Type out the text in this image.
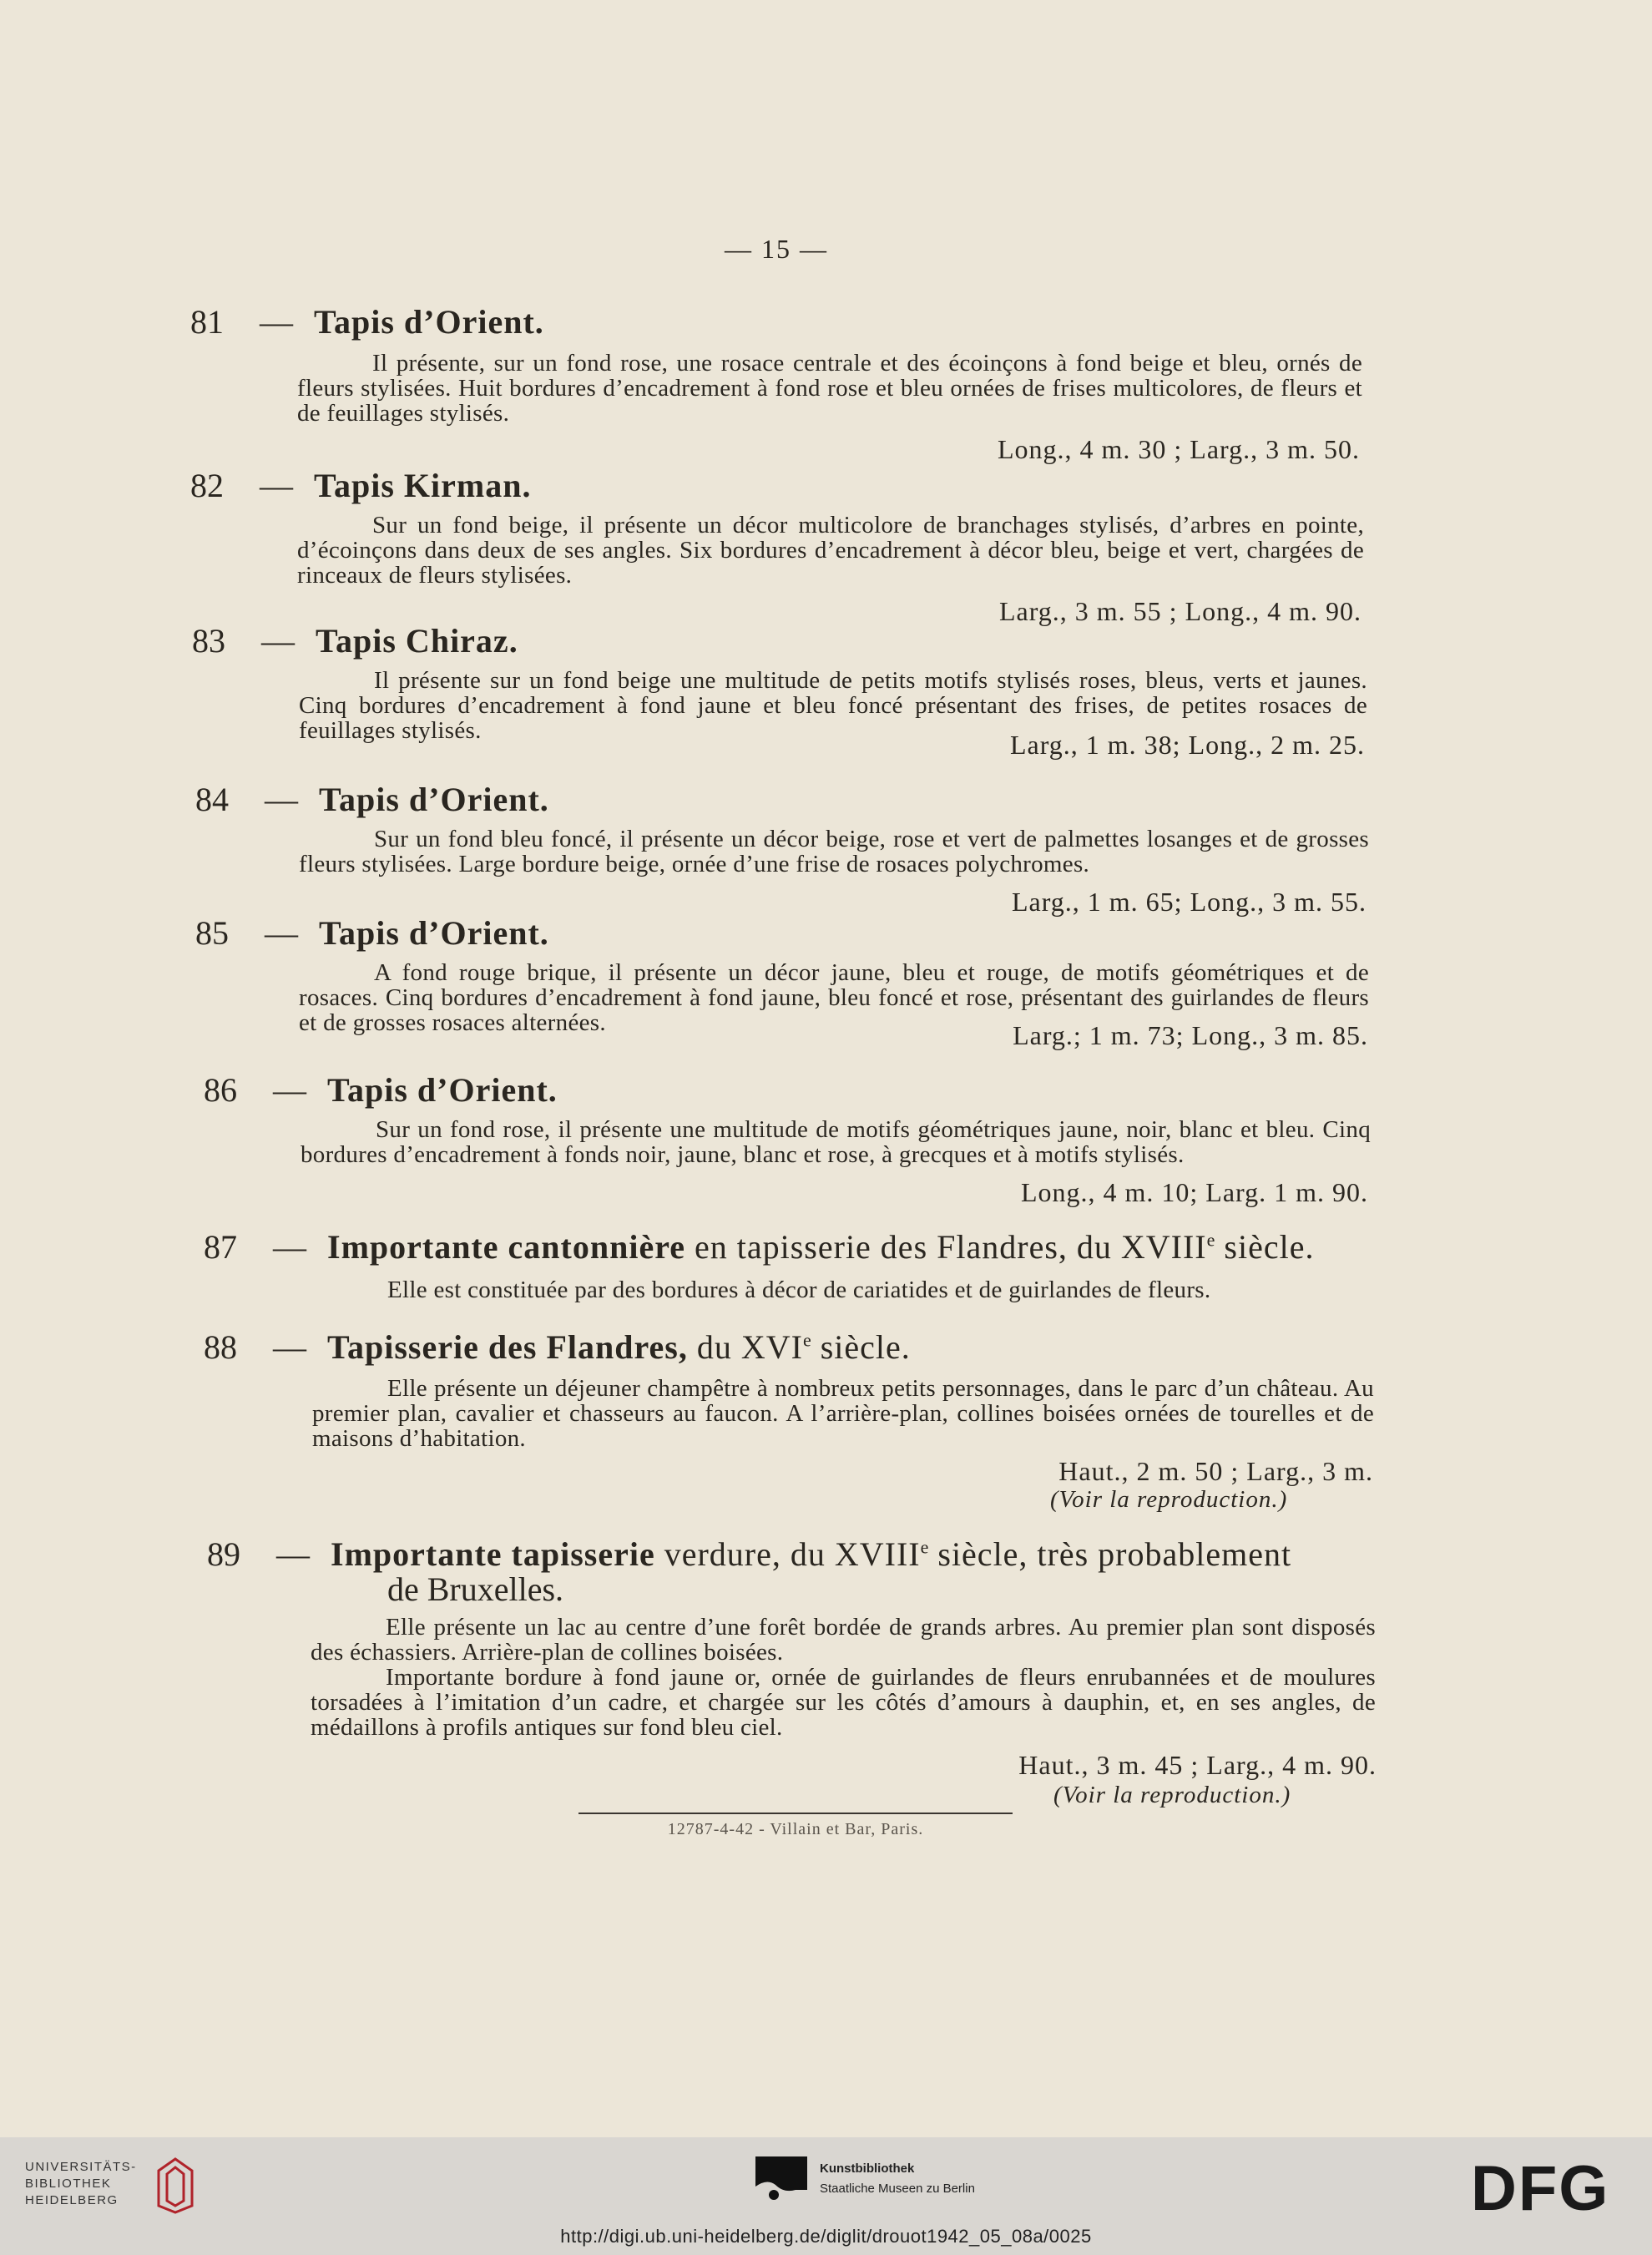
— 15 —
81 — Tapis d’Orient.

Il présente, sur un fond rose, une rosace centrale et des écoinçons à fond beige et bleu, ornés de fleurs stylisées. Huit bordures d’encadrement à fond rose et bleu ornées de frises multicolores, de fleurs et de feuillages stylisés.

Long., 4 m. 30 ; Larg., 3 m. 50.
82 — Tapis Kirman.

Sur un fond beige, il présente un décor multicolore de branchages stylisés, d’arbres en pointe, d’écoinçons dans deux de ses angles. Six bordures d’encadrement à décor bleu, beige et vert, chargées de rinceaux de fleurs stylisées.

Larg., 3 m. 55 ; Long., 4 m. 90.
83 — Tapis Chiraz.

Il présente sur un fond beige une multitude de petits motifs stylisés roses, bleus, verts et jaunes. Cinq bordures d’encadrement à fond jaune et bleu foncé présentant des frises, de petites rosaces de feuillages stylisés.	Larg., 1 m. 38; Long., 2 m. 25.
84 — Tapis d’Orient.

Sur un fond bleu foncé, il présente un décor beige, rose et vert de palmettes losanges et de grosses fleurs stylisées. Large bordure beige, ornée d’une frise de rosaces polychromes.

Larg., 1 m. 65; Long., 3 m. 55.
85 — Tapis d’Orient.

A fond rouge brique, il présente un décor jaune, bleu et rouge, de motifs géométriques et de rosaces. Cinq bordures d’encadrement à fond jaune, bleu foncé et rose, présentant des guirlandes de fleurs et de grosses rosaces alternées.	Larg.; 1 m. 73; Long., 3 m. 85.
86 — Tapis d’Orient.

Sur un fond rose, il présente une multitude de motifs géométriques jaune, noir, blanc et bleu. Cinq bordures d’encadrement à fonds noir, jaune, blanc et rose, à grecques et à motifs stylisés.

Long., 4 m. 10; Larg. 1 m. 90.
87 — Importante cantonnière en tapisserie des Flandres, du XVIIIe siècle.

Elle est constituée par des bordures à décor de cariatides et de guirlandes de fleurs.

88 — Tapisserie des Flandres, du XVIe siècle.

Elle présente un déjeuner champêtre à nombreux petits personnages, dans le parc d’un château. Au premier plan, cavalier et chasseurs au faucon. A l’arrière-plan, collines boisées ornées de tourelles et de maisons d’habitation.

Haut., 2 m. 50 ; Larg., 3 m.
(Voir la reproduction.)
89 — Importante tapisserie verdure, du XVIIIe siècle, très probablement
de Bruxelles.

Elle présente un lac au centre d’une forêt bordée de grands arbres. Au premier plan sont disposés des échassiers. Arrière-plan de collines boisées.

Importante bordure à fond jaune or, ornée de guirlandes de fleurs enrubannées et de moulures torsadées à l’imitation d’un cadre, et chargée sur les côtés d’amours à dauphin, et, en ses angles, de médaillons à profils antiques sur fond bleu ciel.

Haut., 3 m. 45 ; Larg., 4 m. 90.
(Voir la reproduction.)
12787-4-42 - Villain et Bar, Paris.
UNIVERSITÄTS-
BIBLIOTHEK
HEIDELBERG
Kunstbibliothek
Staatliche Museen zu Berlin	DFG
http://digi.ub.uni-heidelberg.de/diglit/drouot1942_05_08a/0025
